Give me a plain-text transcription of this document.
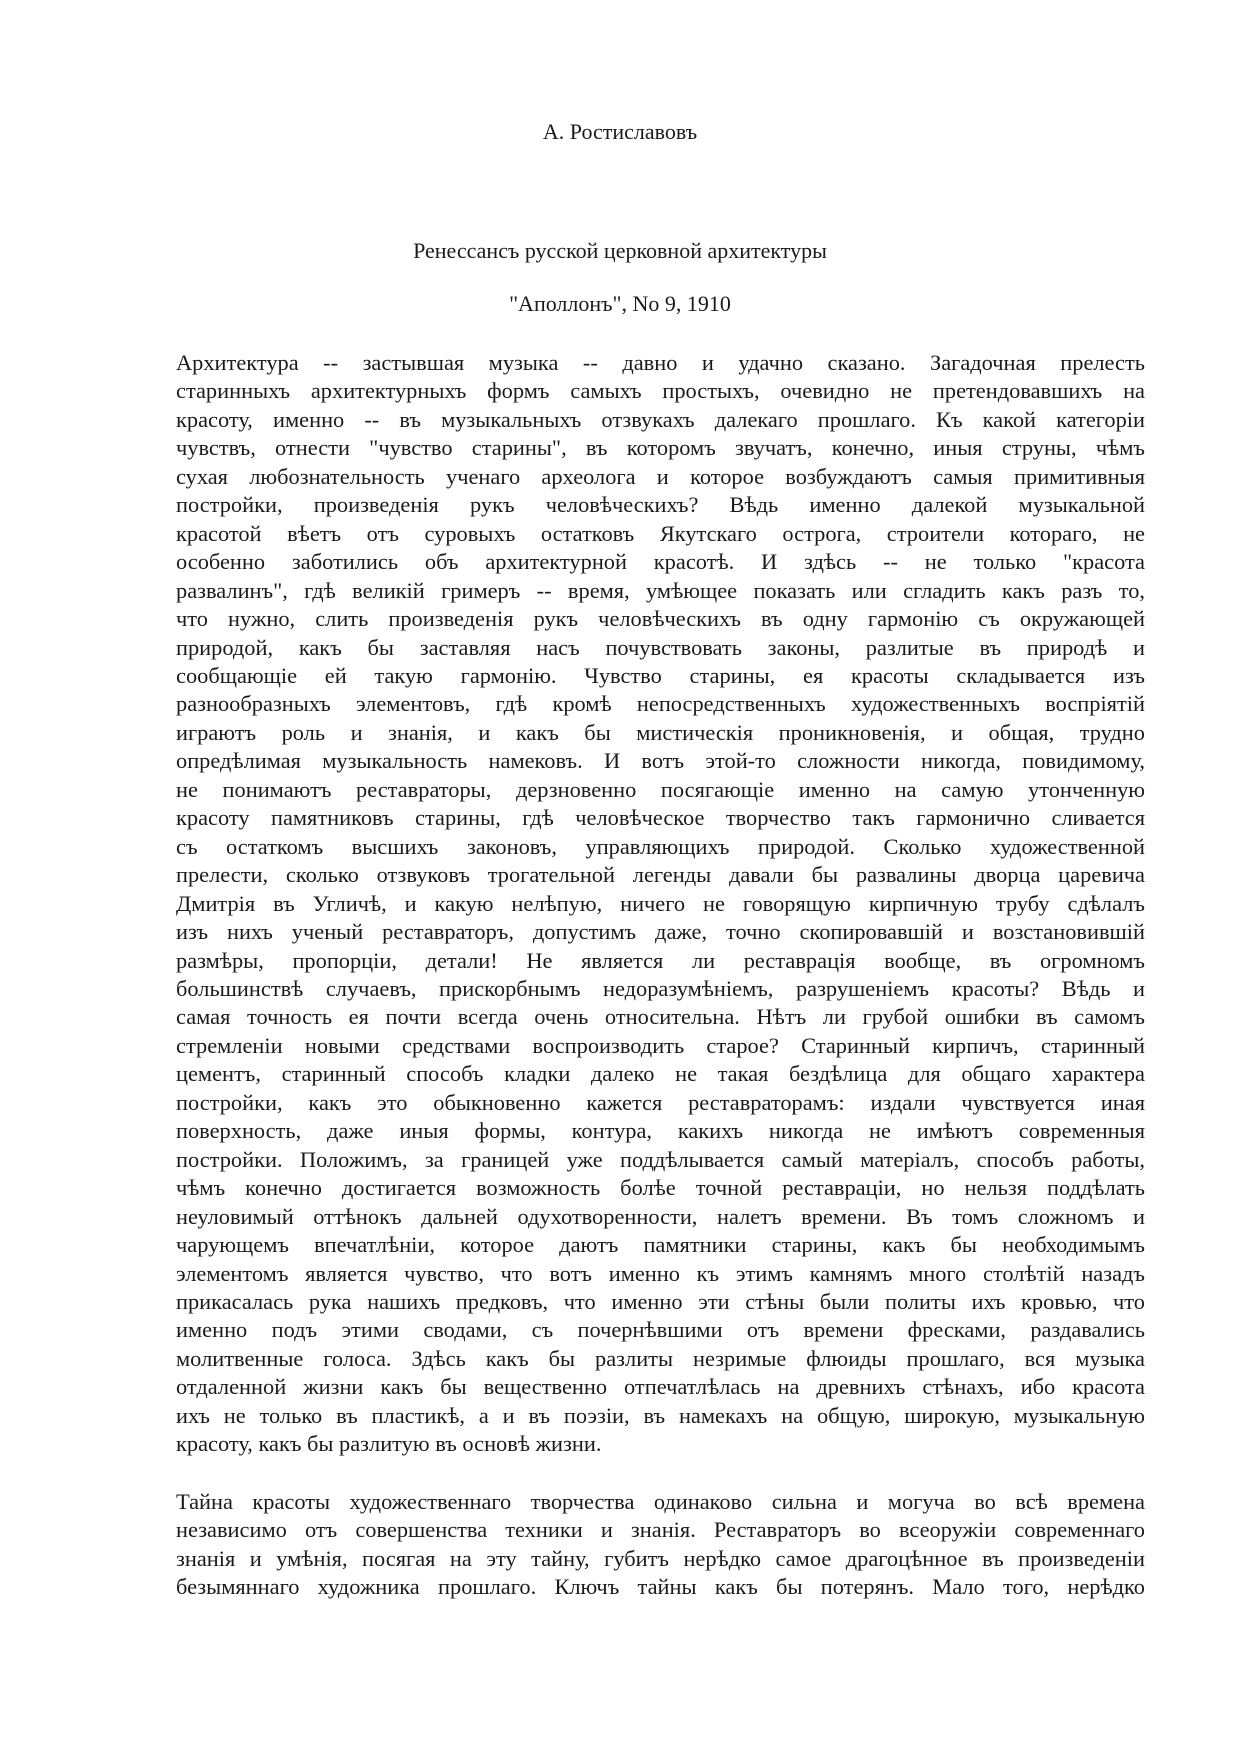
А. Ростиславовъ
Ренессансъ русской церковной архитектуры
"Аполлонъ", No 9, 1910

Архитектура -- застывшая музыка -- давно и удачно сказано. Загадочная прелесть
старинныхъ архитектурныхъ формъ самыхъ простыхъ, очевидно не претендовавшихъ на
красоту, именно -- въ музыкальныхъ отзвукахъ далекаго прошлаго. Къ какой категоріи
чувствъ, отнести "чувство старины", въ которомъ звучатъ, конечно, иныя струны, чѣмъ
сухая любознательность ученаго археолога и которое возбуждаютъ самыя примитивныя
постройки, произведенія рукъ человѣческихъ? Вѣдь именно далекой музыкальной
красотой вѣетъ отъ суровыхъ остатковъ Якутскаго острога, строители котораго, не
особенно заботились объ архитектурной красотѣ. И здѣсь -- не только "красота
развалинъ", гдѣ великій гримеръ -- время, умѣющее показать или сгладить какъ разъ то,
что нужно, слить произведенія рукъ человѣческихъ въ одну гармонію съ окружающей
природой, какъ бы заставляя насъ почувствовать законы, разлитые въ природѣ и
сообщающіе ей такую гармонію. Чувство старины, ея красоты складывается изъ
разнообразныхъ элементовъ, гдѣ кромѣ непосредственныхъ художественныхъ воспріятій
играютъ роль и знанія, и какъ бы мистическія проникновенія, и общая, трудно
опредѣлимая музыкальность намековъ. И вотъ этой-то сложности никогда, повидимому,
не понимаютъ реставраторы, дерзновенно посягающіе именно на самую утонченную
красоту памятниковъ старины, гдѣ человѣческое творчество такъ гармонично сливается
съ остаткомъ высшихъ законовъ, управляющихъ природой. Сколько художественной
прелести, сколько отзвуковъ трогательной легенды давали бы развалины дворца царевича
Дмитрія въ Угличѣ, и какую нелѣпую, ничего не говорящую кирпичную трубу сдѣлалъ
изъ нихъ ученый реставраторъ, допустимъ даже, точно скопировавшій и возстановившій
размѣры, пропорціи, детали! Не является ли реставрація вообще, въ огромномъ
большинствѣ случаевъ, прискорбнымъ недоразумѣніемъ, разрушеніемъ красоты? Вѣдь и
самая точность ея почти всегда очень относительна. Нѣтъ ли грубой ошибки въ самомъ
стремленіи новыми средствами воспроизводить старое? Старинный кирпичъ, старинный
цементъ, старинный способъ кладки далеко не такая бездѣлица для общаго характера
постройки, какъ это обыкновенно кажется реставраторамъ: издали чувствуется иная
поверхность, даже иныя формы, контура, какихъ никогда не имѣютъ современныя
постройки. Положимъ, за границей уже поддѣлывается самый матеріалъ, способъ работы,
чѣмъ конечно достигается возможность болѣе точной реставраціи, но нельзя поддѣлать
неуловимый оттѣнокъ дальней одухотворенности, налетъ времени. Въ томъ сложномъ и
чарующемъ впечатлѣніи, которое даютъ памятники старины, какъ бы необходимымъ
элементомъ является чувство, что вотъ именно къ этимъ камнямъ много столѣтій назадъ
прикасалась рука нашихъ предковъ, что именно эти стѣны были политы ихъ кровью, что
именно подъ этими сводами, съ почернѣвшими отъ времени фресками, раздавались
молитвенные голоса. Здѣсь какъ бы разлиты незримые флюиды прошлаго, вся музыка
отдаленной жизни какъ бы вещественно отпечатлѣлась на древнихъ стѣнахъ, ибо красота
ихъ не только въ пластикѣ, а и въ поэзіи, въ намекахъ на общую, широкую, музыкальную
красоту, какъ бы разлитую въ основѣ жизни.

Тайна красоты художественнаго творчества одинаково сильна и могуча во всѣ времена
независимо отъ совершенства техники и знанія. Реставраторъ во всеоружіи современнаго
знанія и умѣнія, посягая на эту тайну, губитъ нерѣдко самое драгоцѣнное въ произведеніи
безымяннаго художника прошлаго. Ключъ тайны какъ бы потерянъ. Мало того, нерѣдко
